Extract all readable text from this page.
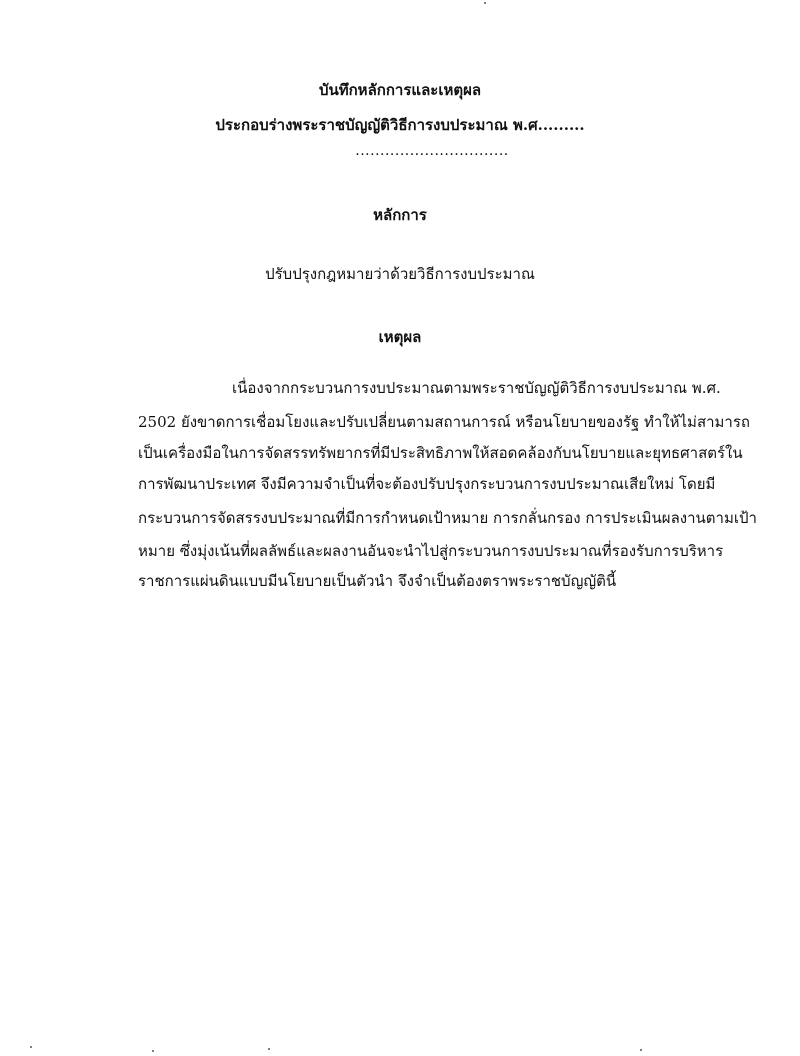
บันทึกหลักการและเหตุผล
ประกอบร่างพระราชบัญญัติวิธีการงบประมาณ พ.ศ.........
...............................
หลักการ
ปรับปรุงกฎหมายว่าด้วยวิธีการงบประมาณ
เหตุผล
เนื่องจากกระบวนการงบประมาณตามพระราชบัญญัติวิธีการงบประมาณ พ.ศ.
2502 ยังขาดการเชื่อมโยงและปรับเปลี่ยนตามสถานการณ์ หรือนโยบายของรัฐ ทำให้ไม่สามารถ
เป็นเครื่องมือในการจัดสรรทรัพยากรที่มีประสิทธิภาพให้สอดคล้องกับนโยบายและยุทธศาสตร์ใน
การพัฒนาประเทศ จึงมีความจำเป็นที่จะต้องปรับปรุงกระบวนการงบประมาณเสียใหม่ โดยมี
กระบวนการจัดสรรงบประมาณที่มีการกำหนดเป้าหมาย การกลั่นกรอง การประเมินผลงานตามเป้า
หมาย ซึ่งมุ่งเน้นที่ผลลัพธ์และผลงานอันจะนำไปสู่กระบวนการงบประมาณที่รองรับการบริหาร
ราชการแผ่นดินแบบมีนโยบายเป็นตัวนำ จึงจำเป็นต้องตราพระราชบัญญัตินี้
